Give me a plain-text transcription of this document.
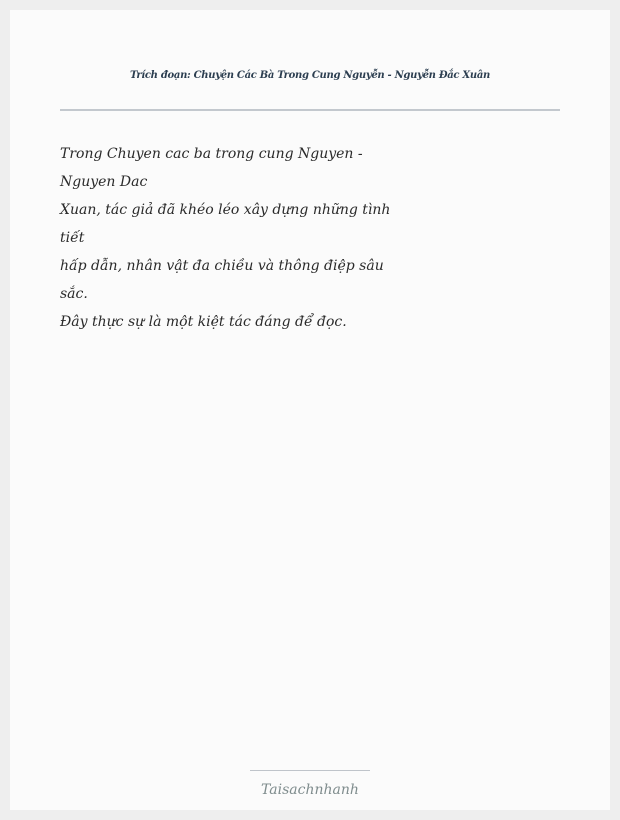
Trích đoạn: Chuyện Các Bà Trong Cung Nguyễn - Nguyễn Đắc Xuân
Trong Chuyen cac ba trong cung Nguyen -
Nguyen Dac
Xuan, tác giả đã khéo léo xây dựng những tình
tiết
hấp dẫn, nhân vật đa chiều và thông điệp sâu
sắc.
Đây thực sự là một kiệt tác đáng để đọc.
Taisachnhanh
